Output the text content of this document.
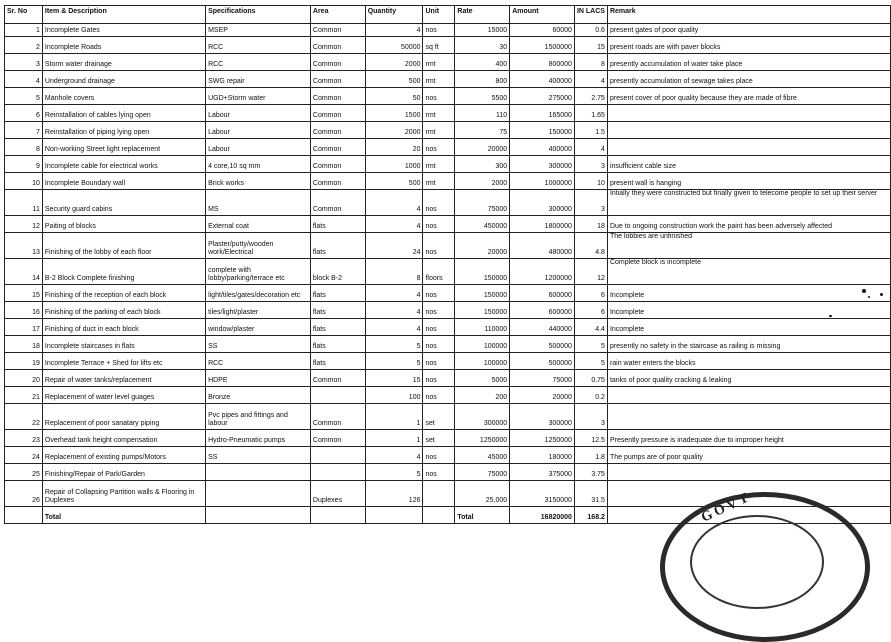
Sr. No	Item & Description	Specifications	Area	Quantity	Unit	Rate	Amount	IN LACS	Remark
1	Incomplete Gates	MSEP	Common	4	nos	15000	60000	0.6	present gates of poor quality
2	Incomplete Roads	RCC	Common	50000	sq ft	30	1500000	15	present roads are with paver blocks
3	Storm water drainage	RCC	Common	2000	rmt	400	800000	8	presently accumulation of water take place
4	Underground drainage	SWG repair	Common	500	rmt	800	400000	4	presently accumulation of sewage takes place
5	Manhole covers	UGD+Storm water	Common	50	nos	5500	275000	2.75	present cover of poor quality because they are made of fibre
6	Reinstallation of cables lying open	Labour	Common	1500	rmt	110	165000	1.65	
7	Reinstallation of piping lying open	Labour	Common	2000	rmt	75	150000	1.5	
8	Non-working Street light replacement	Labour	Common	20	nos	20000	400000	4	
9	Incomplete cable for electrical works	4 core,10 sq mm	Common	1000	rmt	300	300000	3	insufficient cable size
10	Incomplete Boundary wall	Brick works	Common	500	rmt	2000	1000000	10	present wall is hanging
11	Security guard cabins	MS	Common	4	nos	75000	300000	3	Intially they were constructed but finally given to telecome people to set up their server
12	Paiting of blocks	External coat	flats	4	nos	450000	1800000	18	Due to ongoing construction work the paint has been adversely affected
13	Finishing of the lobby of each floor	Plaster/putty/wooden work/Electrical	flats	24	nos	20000	480000	4.8	The lobbies are unfinished
14	B-2 Block Complete finishing	complete with lobby/parking/terrace etc	block B-2	8	floors	150000	1200000	12	Complete block is incomplete
15	Finishing of the reception of each block	light/tiles/gates/decoration etc	flats	4	nos	150000	600000	6	Incomplete
16	Finishing of the parking of each block	tiles/light/plaster	flats	4	nos	150000	600000	6	Incomplete
17	Finishing of duct in each block	window/plaster	flats	4	nos	110000	440000	4.4	Incomplete
18	Incomplete staircases in flats	SS	flats	5	nos	100000	500000	5	presently no safety in the staircase as railing is missing
19	Incomplete Terrace + Shed for lifts etc	RCC	flats	5	nos	100000	500000	5	rain water enters the blocks
20	Repair of water tanks/replacement	HDPE	Common	15	nos	5000	75000	0.75	tanks of poor quality cracking & leaking
21	Replacement of water level guages	Bronze		100	nos	200	20000	0.2	
22	Replacement of poor sanatary piping	Pvc pipes and fittings and labour	Common	1	set	300000	300000	3	
23	Overhead tank height compensation	Hydro-Pneumatic pumps	Common	1	set	1250000	1250000	12.5	Presently pressure is inadequate due to improper height
24	Replacement of existing pumps/Motors	SS		4	nos	45000	180000	1.8	The pumps are of poor quality
25	Finishing/Repair of Park/Garden			5	nos	75000	375000	3.75	
26	Repair of Collapsing Partition walls & Flooring in Duplexes		Duplexes	126		25,000	3150000	31.5	
	Total					Total	16820000	168.2		GOVT
